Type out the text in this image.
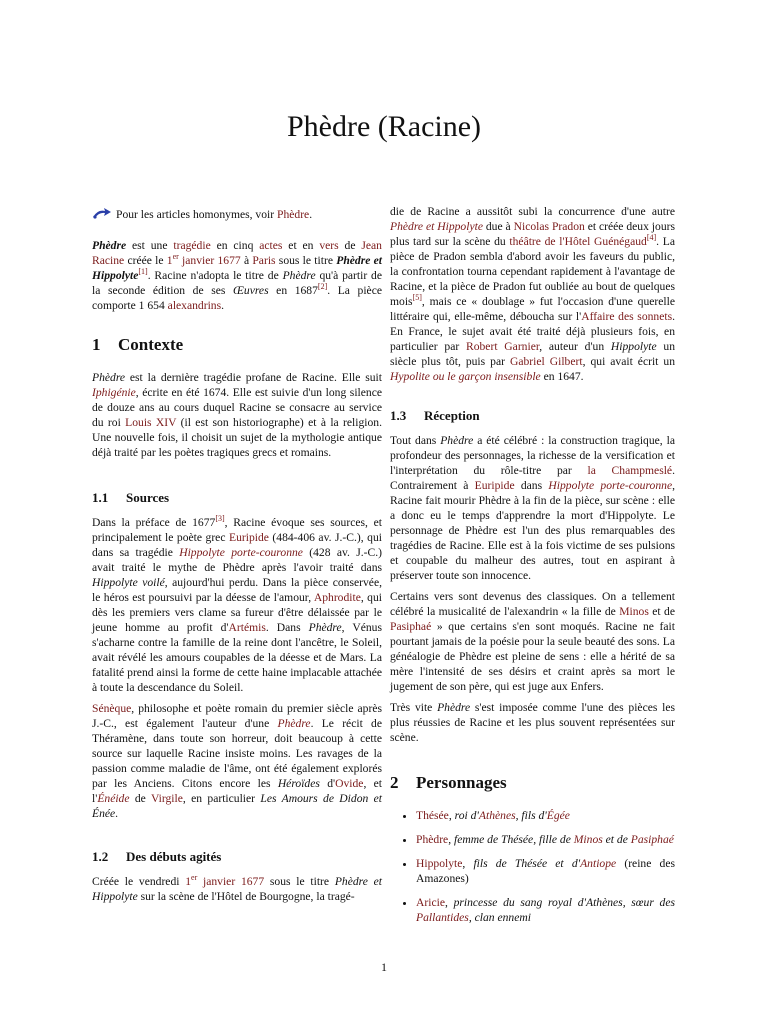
Phèdre (Racine)

Pour les articles homonymes, voir Phèdre.

Phèdre est une tragédie en cinq actes et en vers de Jean Racine créée le 1er janvier 1677 à Paris sous le titre Phèdre et Hippolyte[1]. Racine n'adopta le titre de Phèdre qu'à partir de la seconde édition de ses Œuvres en 1687[2]. La pièce comporte 1 654 alexandrins.

1 Contexte

Phèdre est la dernière tragédie profane de Racine. Elle suit Iphigénie, écrite en été 1674. Elle est suivie d'un long silence de douze ans au cours duquel Racine se consacre au service du roi Louis XIV (il est son historiographe) et à la religion. Une nouvelle fois, il choisit un sujet de la mythologie antique déjà traité par les poètes tragiques grecs et romains.

1.1 Sources

Dans la préface de 1677[3], Racine évoque ses sources, et principalement le poète grec Euripide (484-406 av. J.-C.), qui dans sa tragédie Hippolyte porte-couronne (428 av. J.-C.) avait traité le mythe de Phèdre après l'avoir traité dans Hippolyte voilé, aujourd'hui perdu. Dans la pièce conservée, le héros est poursuivi par la déesse de l'amour, Aphrodite, qui dès les premiers vers clame sa fureur d'être délaissée par le jeune homme au profit d'Artémis. Dans Phèdre, Vénus s'acharne contre la famille de la reine dont l'ancêtre, le Soleil, avait révélé les amours coupables de la déesse et de Mars. La fatalité prend ainsi la forme de cette haine implacable attachée à toute la descendance du Soleil.

Sénèque, philosophe et poète romain du premier siècle après J.-C., est également l'auteur d'une Phèdre. Le récit de Théramène, dans toute son horreur, doit beaucoup à cette source sur laquelle Racine insiste moins. Les ravages de la passion comme maladie de l'âme, ont été également explorés par les Anciens. Citons encore les Héroïdes d'Ovide, et l'Énéide de Virgile, en particulier Les Amours de Didon et Énée.

1.2 Des débuts agités

Créée le vendredi 1er janvier 1677 sous le titre Phèdre et Hippolyte sur la scène de l'Hôtel de Bourgogne, la tragé-

die de Racine a aussitôt subi la concurrence d'une autre Phèdre et Hippolyte due à Nicolas Pradon et créée deux jours plus tard sur la scène du théâtre de l'Hôtel Guénégaud[4]. La pièce de Pradon sembla d'abord avoir les faveurs du public, la confrontation tourna cependant rapidement à l'avantage de Racine, et la pièce de Pradon fut oubliée au bout de quelques mois[5], mais ce « doublage » fut l'occasion d'une querelle littéraire qui, elle-même, déboucha sur l'Affaire des sonnets. En France, le sujet avait été traité déjà plusieurs fois, en particulier par Robert Garnier, auteur d'un Hippolyte un siècle plus tôt, puis par Gabriel Gilbert, qui avait écrit un Hypolite ou le garçon insensible en 1647.

1.3 Réception

Tout dans Phèdre a été célébré : la construction tragique, la profondeur des personnages, la richesse de la versification et l'interprétation du rôle-titre par la Champmeslé. Contrairement à Euripide dans Hippolyte porte-couronne, Racine fait mourir Phèdre à la fin de la pièce, sur scène : elle a donc eu le temps d'apprendre la mort d'Hippolyte. Le personnage de Phèdre est l'un des plus remarquables des tragédies de Racine. Elle est à la fois victime de ses pulsions et coupable du malheur des autres, tout en aspirant à préserver toute son innocence.

Certains vers sont devenus des classiques. On a tellement célébré la musicalité de l'alexandrin « la fille de Minos et de Pasiphaé » que certains s'en sont moqués. Racine ne fait pourtant jamais de la poésie pour la seule beauté des sons. La généalogie de Phèdre est pleine de sens : elle a hérité de sa mère l'intensité de ses désirs et craint après sa mort le jugement de son père, qui est juge aux Enfers.

Très vite Phèdre s'est imposée comme l'une des pièces les plus réussies de Racine et les plus souvent représentées sur scène.

2 Personnages
• Thésée, roi d'Athènes, fils d'Égée
• Phèdre, femme de Thésée, fille de Minos et de Pasiphaé
• Hippolyte, fils de Thésée et d'Antiope (reine des Amazones)
• Aricie, princesse du sang royal d'Athènes, sœur des Pallantides, clan ennemi
1
